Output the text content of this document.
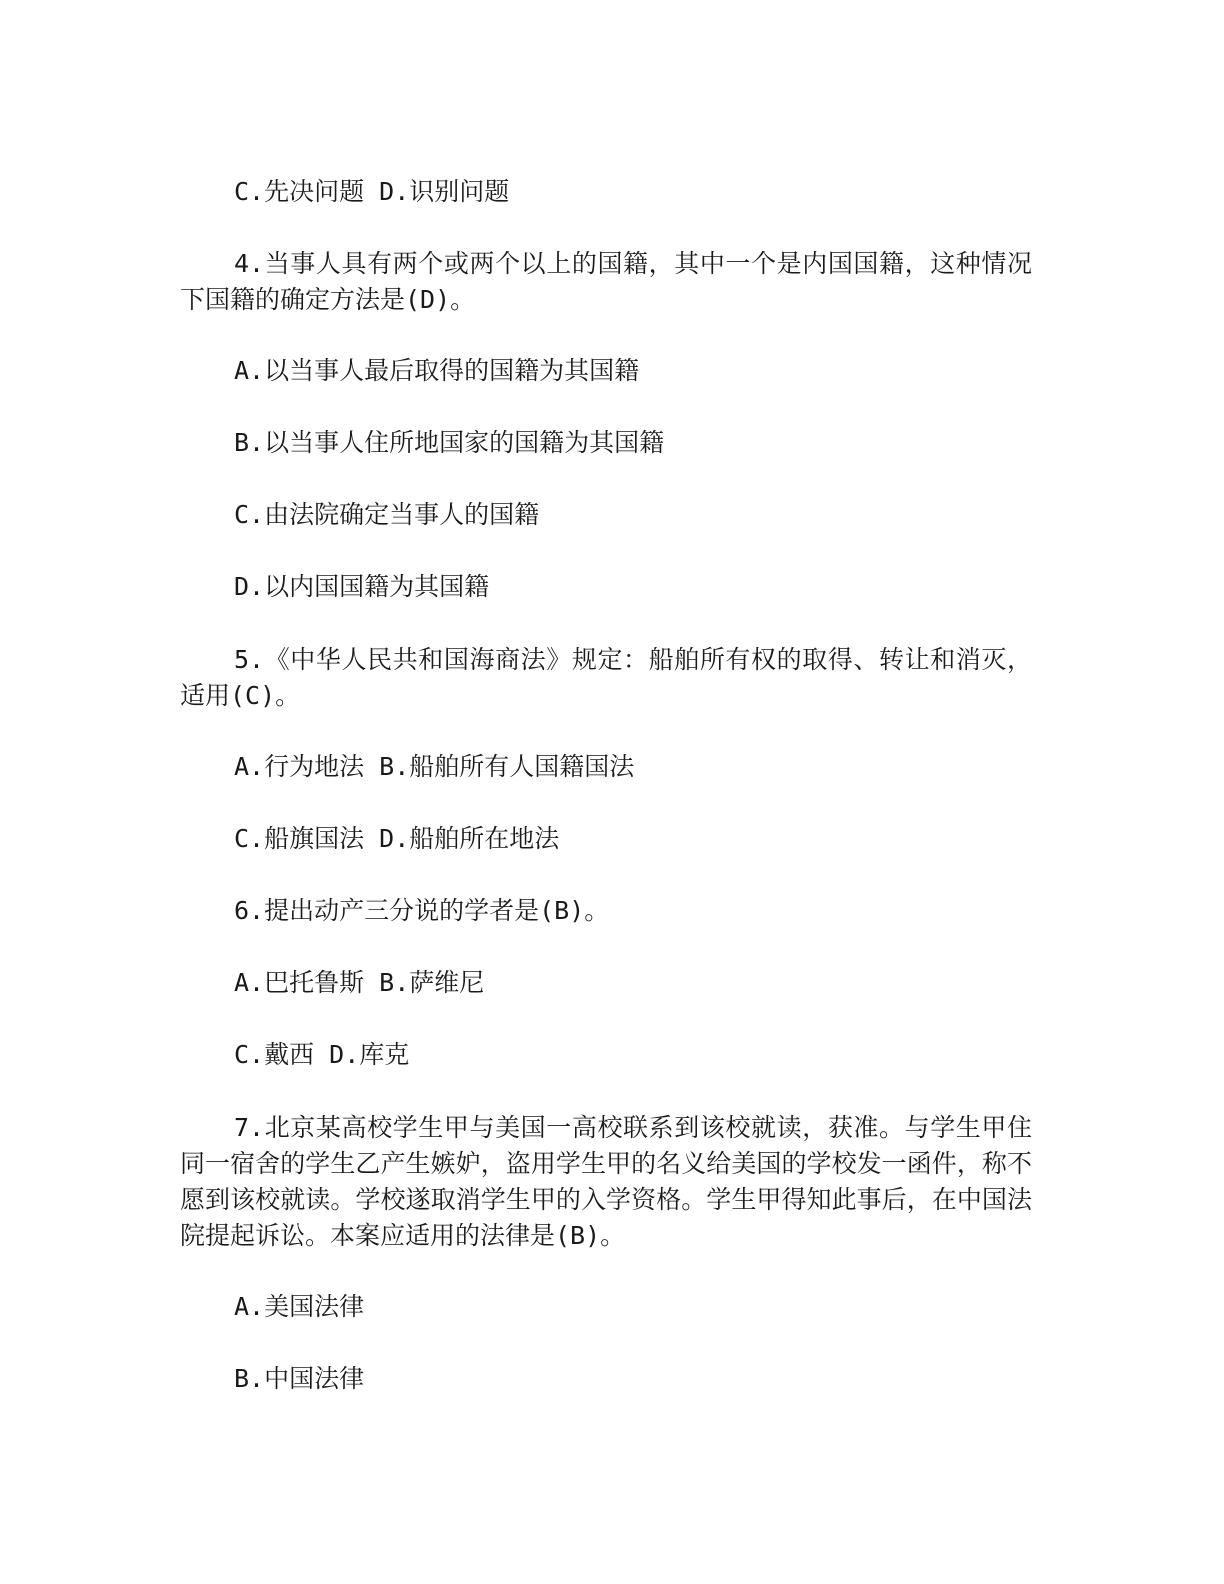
C.先决问题 D.识别问题

4.当事人具有两个或两个以上的国籍，其中一个是内国国籍，这种情况下国籍的确定方法是(D)。

A.以当事人最后取得的国籍为其国籍

B.以当事人住所地国家的国籍为其国籍

C.由法院确定当事人的国籍

D.以内国国籍为其国籍

5.《中华人民共和国海商法》规定：船舶所有权的取得、转让和消灭，适用(C)。

A.行为地法 B.船舶所有人国籍国法

C.船旗国法 D.船舶所在地法

6.提出动产三分说的学者是(B)。

A.巴托鲁斯 B.萨维尼

C.戴西 D.库克

7.北京某高校学生甲与美国一高校联系到该校就读，获准。与学生甲住同一宿舍的学生乙产生嫉妒，盗用学生甲的名义给美国的学校发一函件，称不愿到该校就读。学校遂取消学生甲的入学资格。学生甲得知此事后，在中国法院提起诉讼。本案应适用的法律是(B)。

A.美国法律

B.中国法律
